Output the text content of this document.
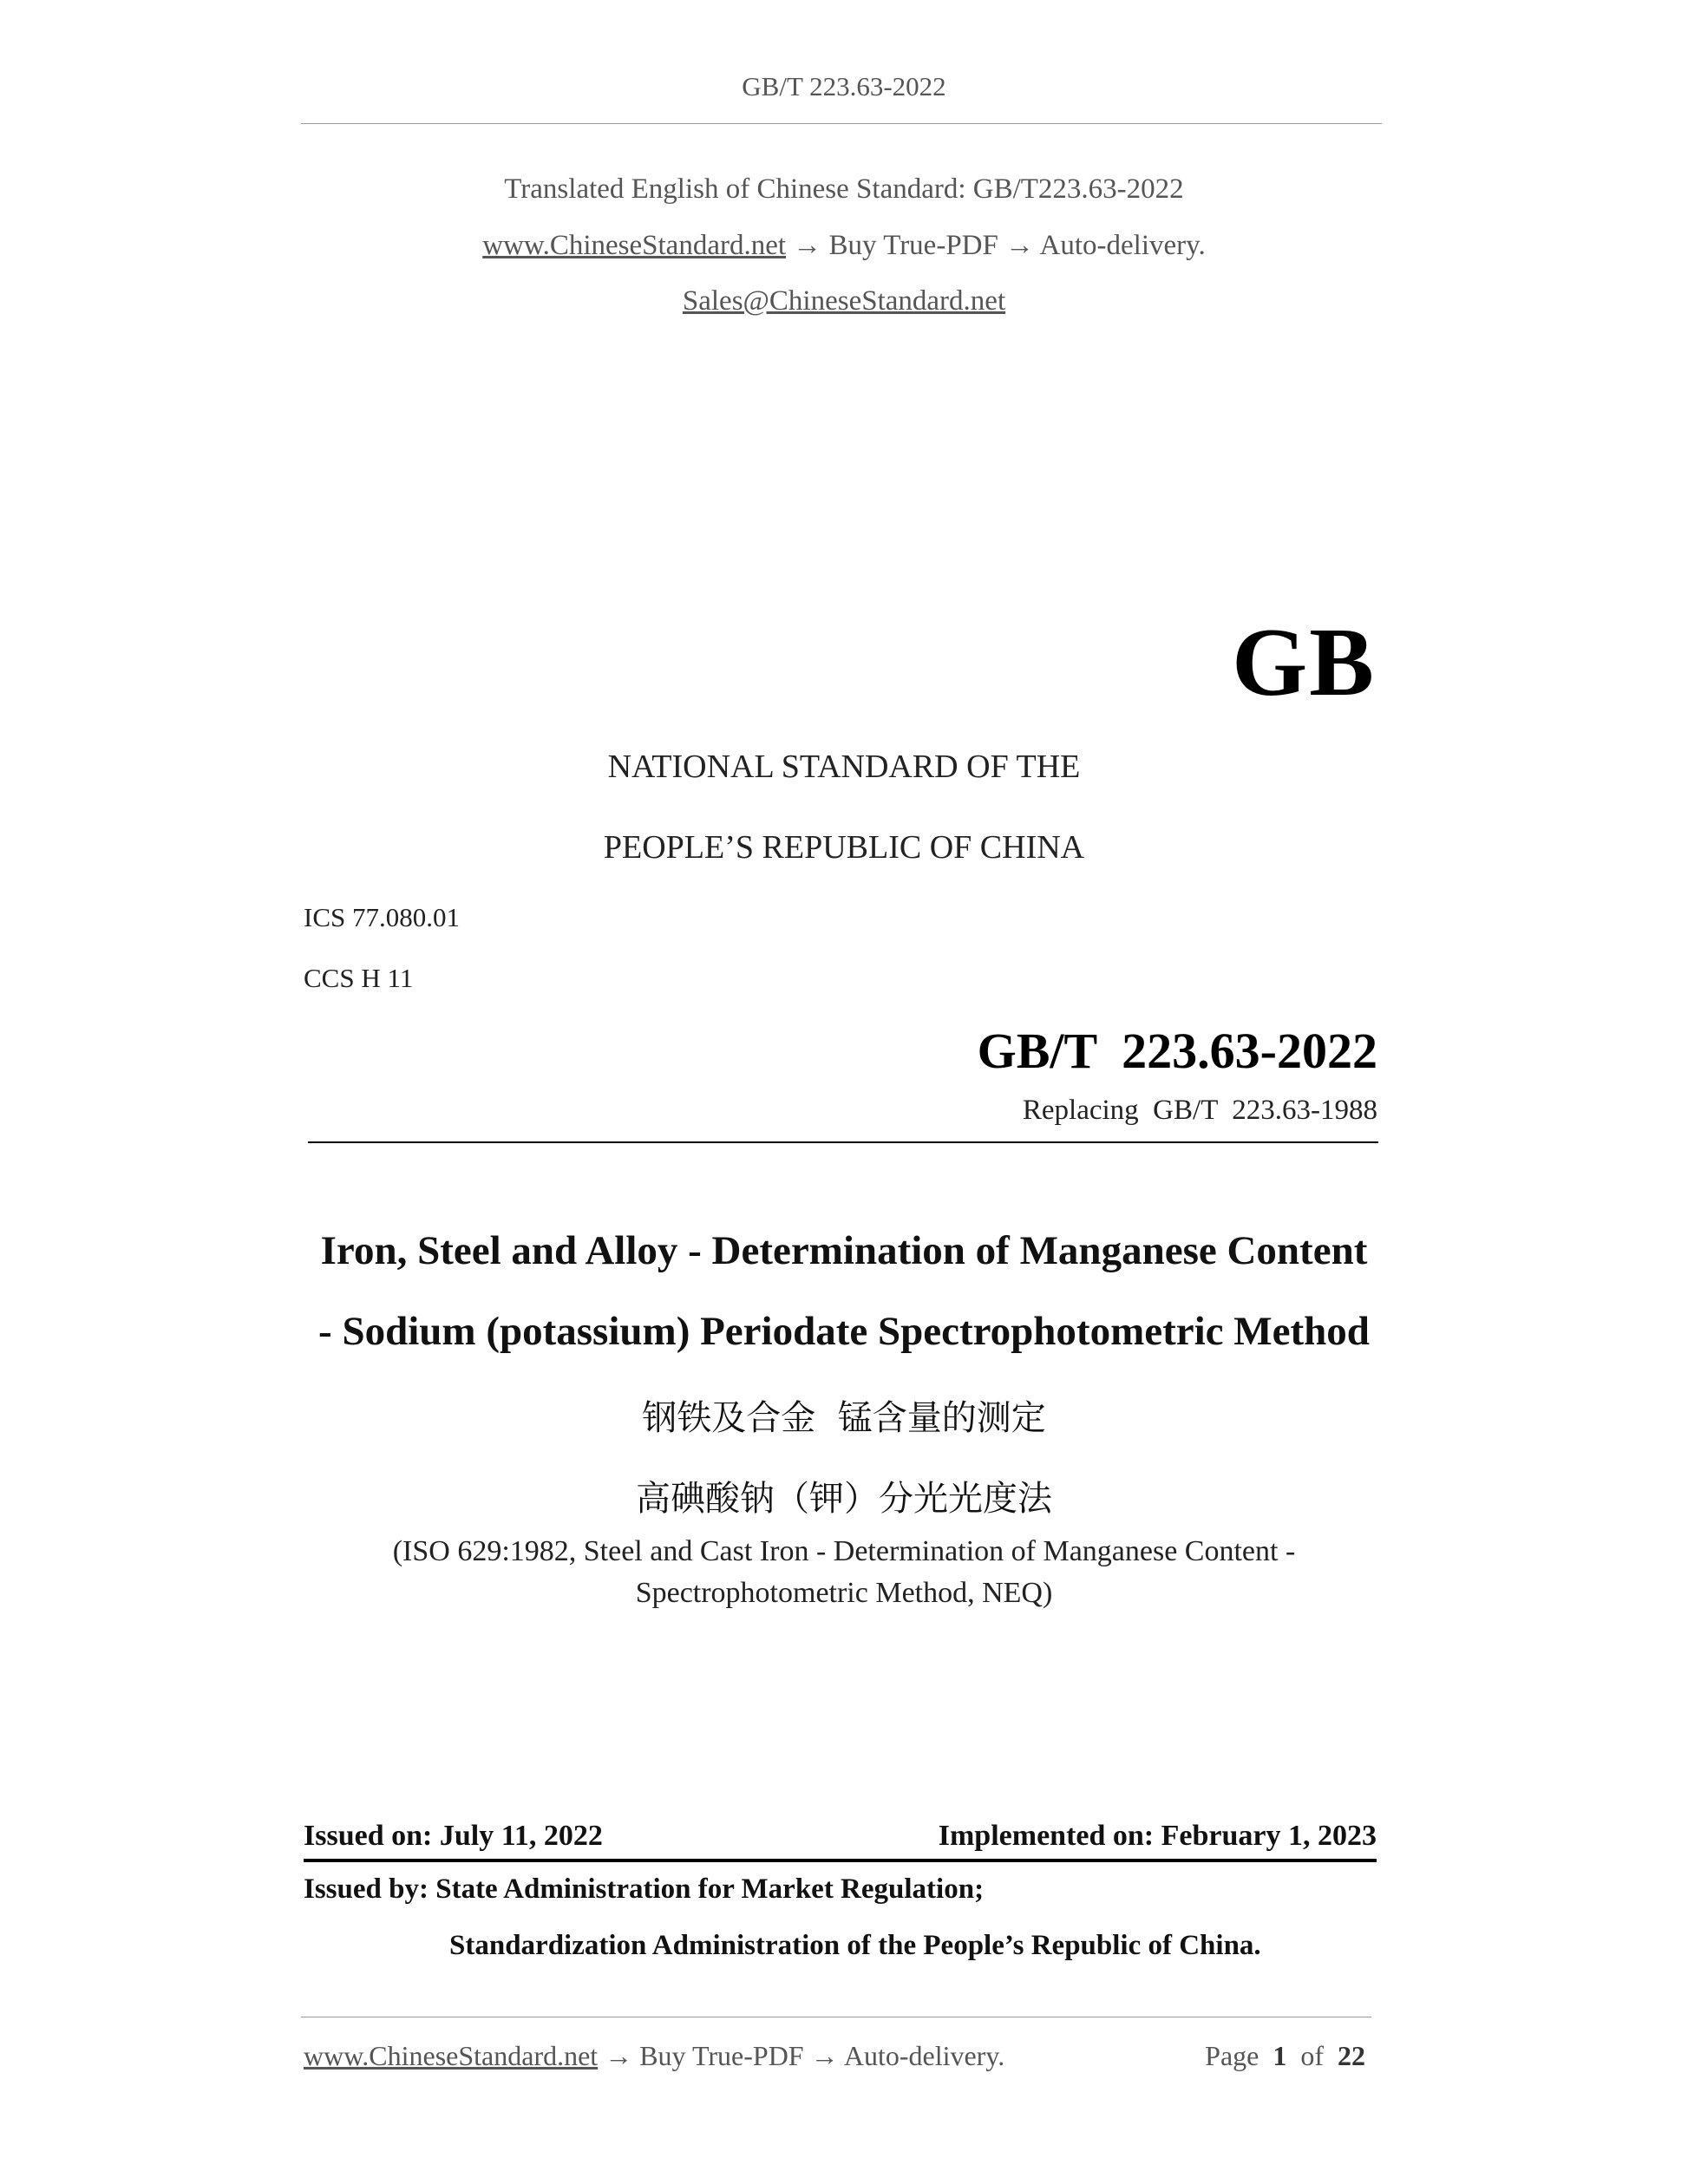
GB/T 223.63-2022
Translated English of Chinese Standard: GB/T223.63-2022
www.ChineseStandard.net → Buy True-PDF → Auto-delivery.
Sales@ChineseStandard.net
GB
NATIONAL STANDARD OF THE
PEOPLE’S REPUBLIC OF CHINA
ICS 77.080.01
CCS H 11
GB/T  223.63-2022
Replacing  GB/T  223.63-1988
Iron, Steel and Alloy - Determination of Manganese Content
- Sodium (potassium) Periodate Spectrophotometric Method
钢铁及合金  锰含量的测定
高碘酸钠（钾）分光光度法
(ISO 629:1982, Steel and Cast Iron - Determination of Manganese Content -
Spectrophotometric Method, NEQ)
Issued on: July 11, 2022	Implemented on: February 1, 2023
Issued by: State Administration for Market Regulation;
Standardization Administration of the People’s Republic of China.
www.ChineseStandard.net → Buy True-PDF → Auto-delivery.	Page 1 of 22
